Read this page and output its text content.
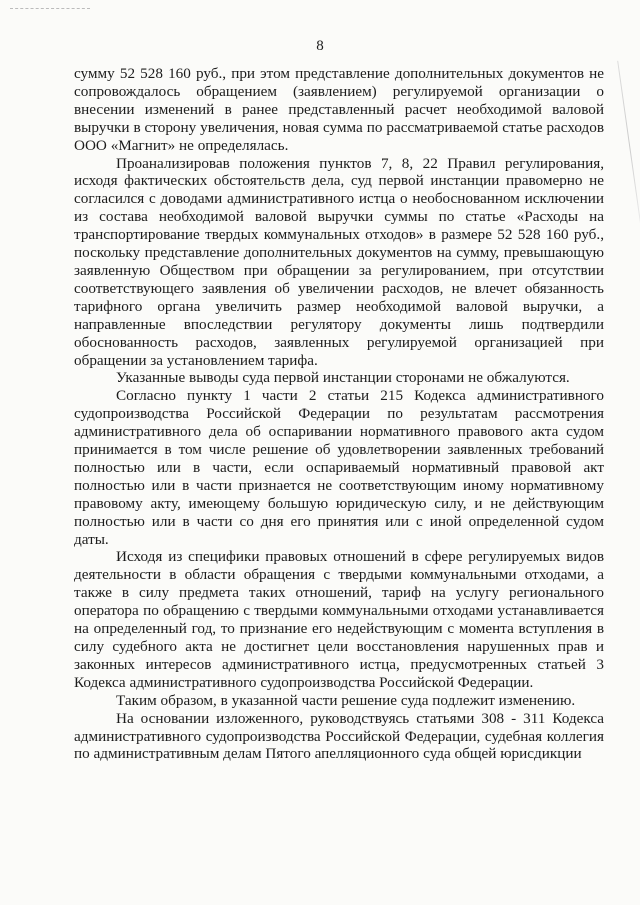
8

сумму 52 528 160 руб., при этом представление дополнительных документов не сопровождалось обращением (заявлением) регулируемой организации о внесении изменений в ранее представленный расчет необходимой валовой выручки в сторону увеличения, новая сумма по рассматриваемой статье расходов ООО «Магнит» не определялась.

Проанализировав положения пунктов 7, 8, 22 Правил регулирования, исходя фактических обстоятельств дела, суд первой инстанции правомерно не согласился с доводами административного истца о необоснованном исключении из состава необходимой валовой выручки суммы по статье «Расходы на транспортирование твердых коммунальных отходов» в размере 52 528 160 руб., поскольку представление дополнительных документов на сумму, превышающую заявленную Обществом при обращении за регулированием, при отсутствии соответствующего заявления об увеличении расходов, не влечет обязанность тарифного органа увеличить размер необходимой валовой выручки, а направленные впоследствии регулятору документы лишь подтвердили обоснованность расходов, заявленных регулируемой организацией при обращении за установлением тарифа.

Указанные выводы суда первой инстанции сторонами не обжалуются.

Согласно пункту 1 части 2 статьи 215 Кодекса административного судопроизводства Российской Федерации по результатам рассмотрения административного дела об оспаривании нормативного правового акта судом принимается в том числе решение об удовлетворении заявленных требований полностью или в части, если оспариваемый нормативный правовой акт полностью или в части признается не соответствующим иному нормативному правовому акту, имеющему большую юридическую силу, и не действующим полностью или в части со дня его принятия или с иной определенной судом даты.

Исходя из специфики правовых отношений в сфере регулируемых видов деятельности в области обращения с твердыми коммунальными отходами, а также в силу предмета таких отношений, тариф на услугу регионального оператора по обращению с твердыми коммунальными отходами устанавливается на определенный год, то признание его недействующим с момента вступления в силу судебного акта не достигнет цели восстановления нарушенных прав и законных интересов административного истца, предусмотренных статьей 3 Кодекса административного судопроизводства Российской Федерации.

Таким образом, в указанной части решение суда подлежит изменению.

На основании изложенного, руководствуясь статьями 308 - 311 Кодекса административного судопроизводства Российской Федерации, судебная коллегия по административным делам Пятого апелляционного суда общей юрисдикции
